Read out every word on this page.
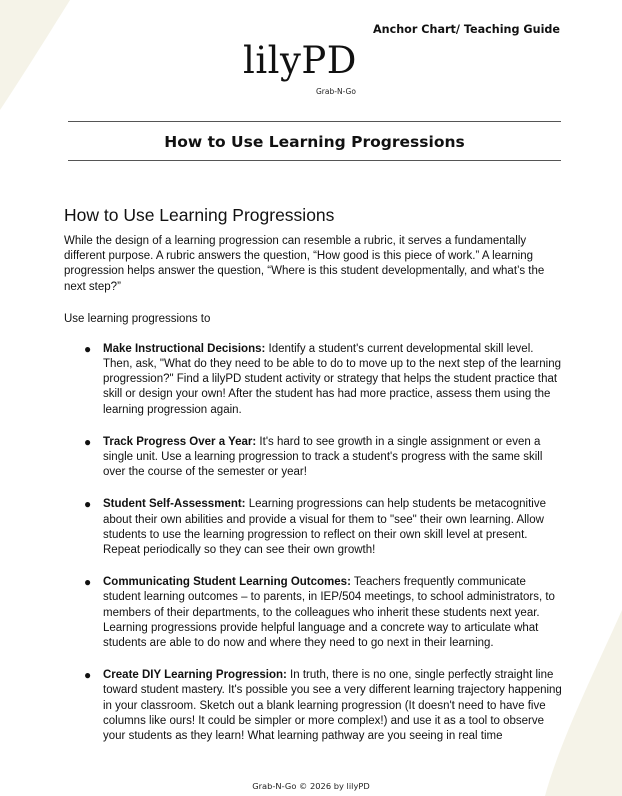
Anchor Chart/ Teaching Guide
lilyPD
Grab-N-Go
How to Use Learning Progressions
How to Use Learning Progressions

While the design of a learning progression can resemble a rubric, it serves a fundamentally different purpose. A rubric answers the question, “How good is this piece of work.” A learning progression helps answer the question, “Where is this student developmentally, and what’s the next step?”

Use learning progressions to

● Make Instructional Decisions: Identify a student's current developmental skill level. Then, ask, "What do they need to be able to do to move up to the next step of the learning progression?" Find a lilyPD student activity or strategy that helps the student practice that skill or design your own! After the student has had more practice, assess them using the learning progression again.
● Track Progress Over a Year: It's hard to see growth in a single assignment or even a single unit. Use a learning progression to track a student's progress with the same skill over the course of the semester or year!
● Student Self-Assessment: Learning progressions can help students be metacognitive about their own abilities and provide a visual for them to "see" their own learning. Allow students to use the learning progression to reflect on their own skill level at present. Repeat periodically so they can see their own growth!
● Communicating Student Learning Outcomes: Teachers frequently communicate student learning outcomes – to parents, in IEP/504 meetings, to school administrators, to members of their departments, to the colleagues who inherit these students next year. Learning progressions provide helpful language and a concrete way to articulate what students are able to do now and where they need to go next in their learning.
● Create DIY Learning Progression: In truth, there is no one, single perfectly straight line toward student mastery. It's possible you see a very different learning trajectory happening in your classroom. Sketch out a blank learning progression (It doesn't need to have five columns like ours! It could be simpler or more complex!) and use it as a tool to observe your students as they learn! What learning pathway are you seeing in real time
Grab-N-Go © 2026 by lilyPD
